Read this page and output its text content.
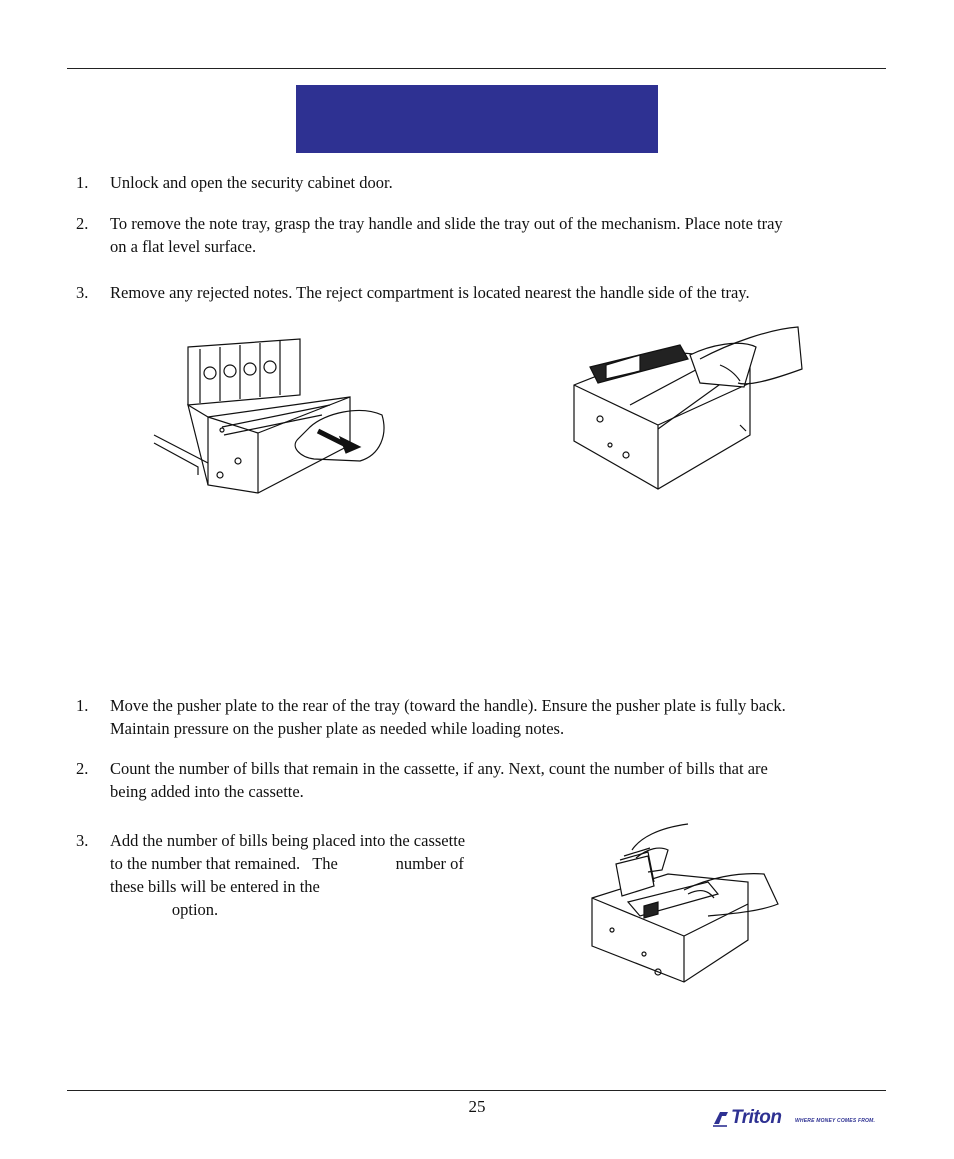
1.	Unlock and open the security cabinet door.
2.	To remove the note tray, grasp the tray handle and slide the tray out of the mechanism. Place note tray
on a flat level surface.
3.	Remove any rejected notes. The reject compartment is located nearest the handle side of the tray.
1.	Move the pusher plate to the rear of the tray (toward the handle). Ensure the pusher plate is fully back.
Maintain pressure on the pusher plate as needed while loading notes.
2.	Count the number of bills that remain in the cassette, if any. Next, count the number of bills that are
being added into the cassette.
3.	Add the number of bills being placed into the cassette
to the number that remained.   The              number of
these bills will be entered in the
option.
25
Triton	WHERE MONEY COMES FROM.
